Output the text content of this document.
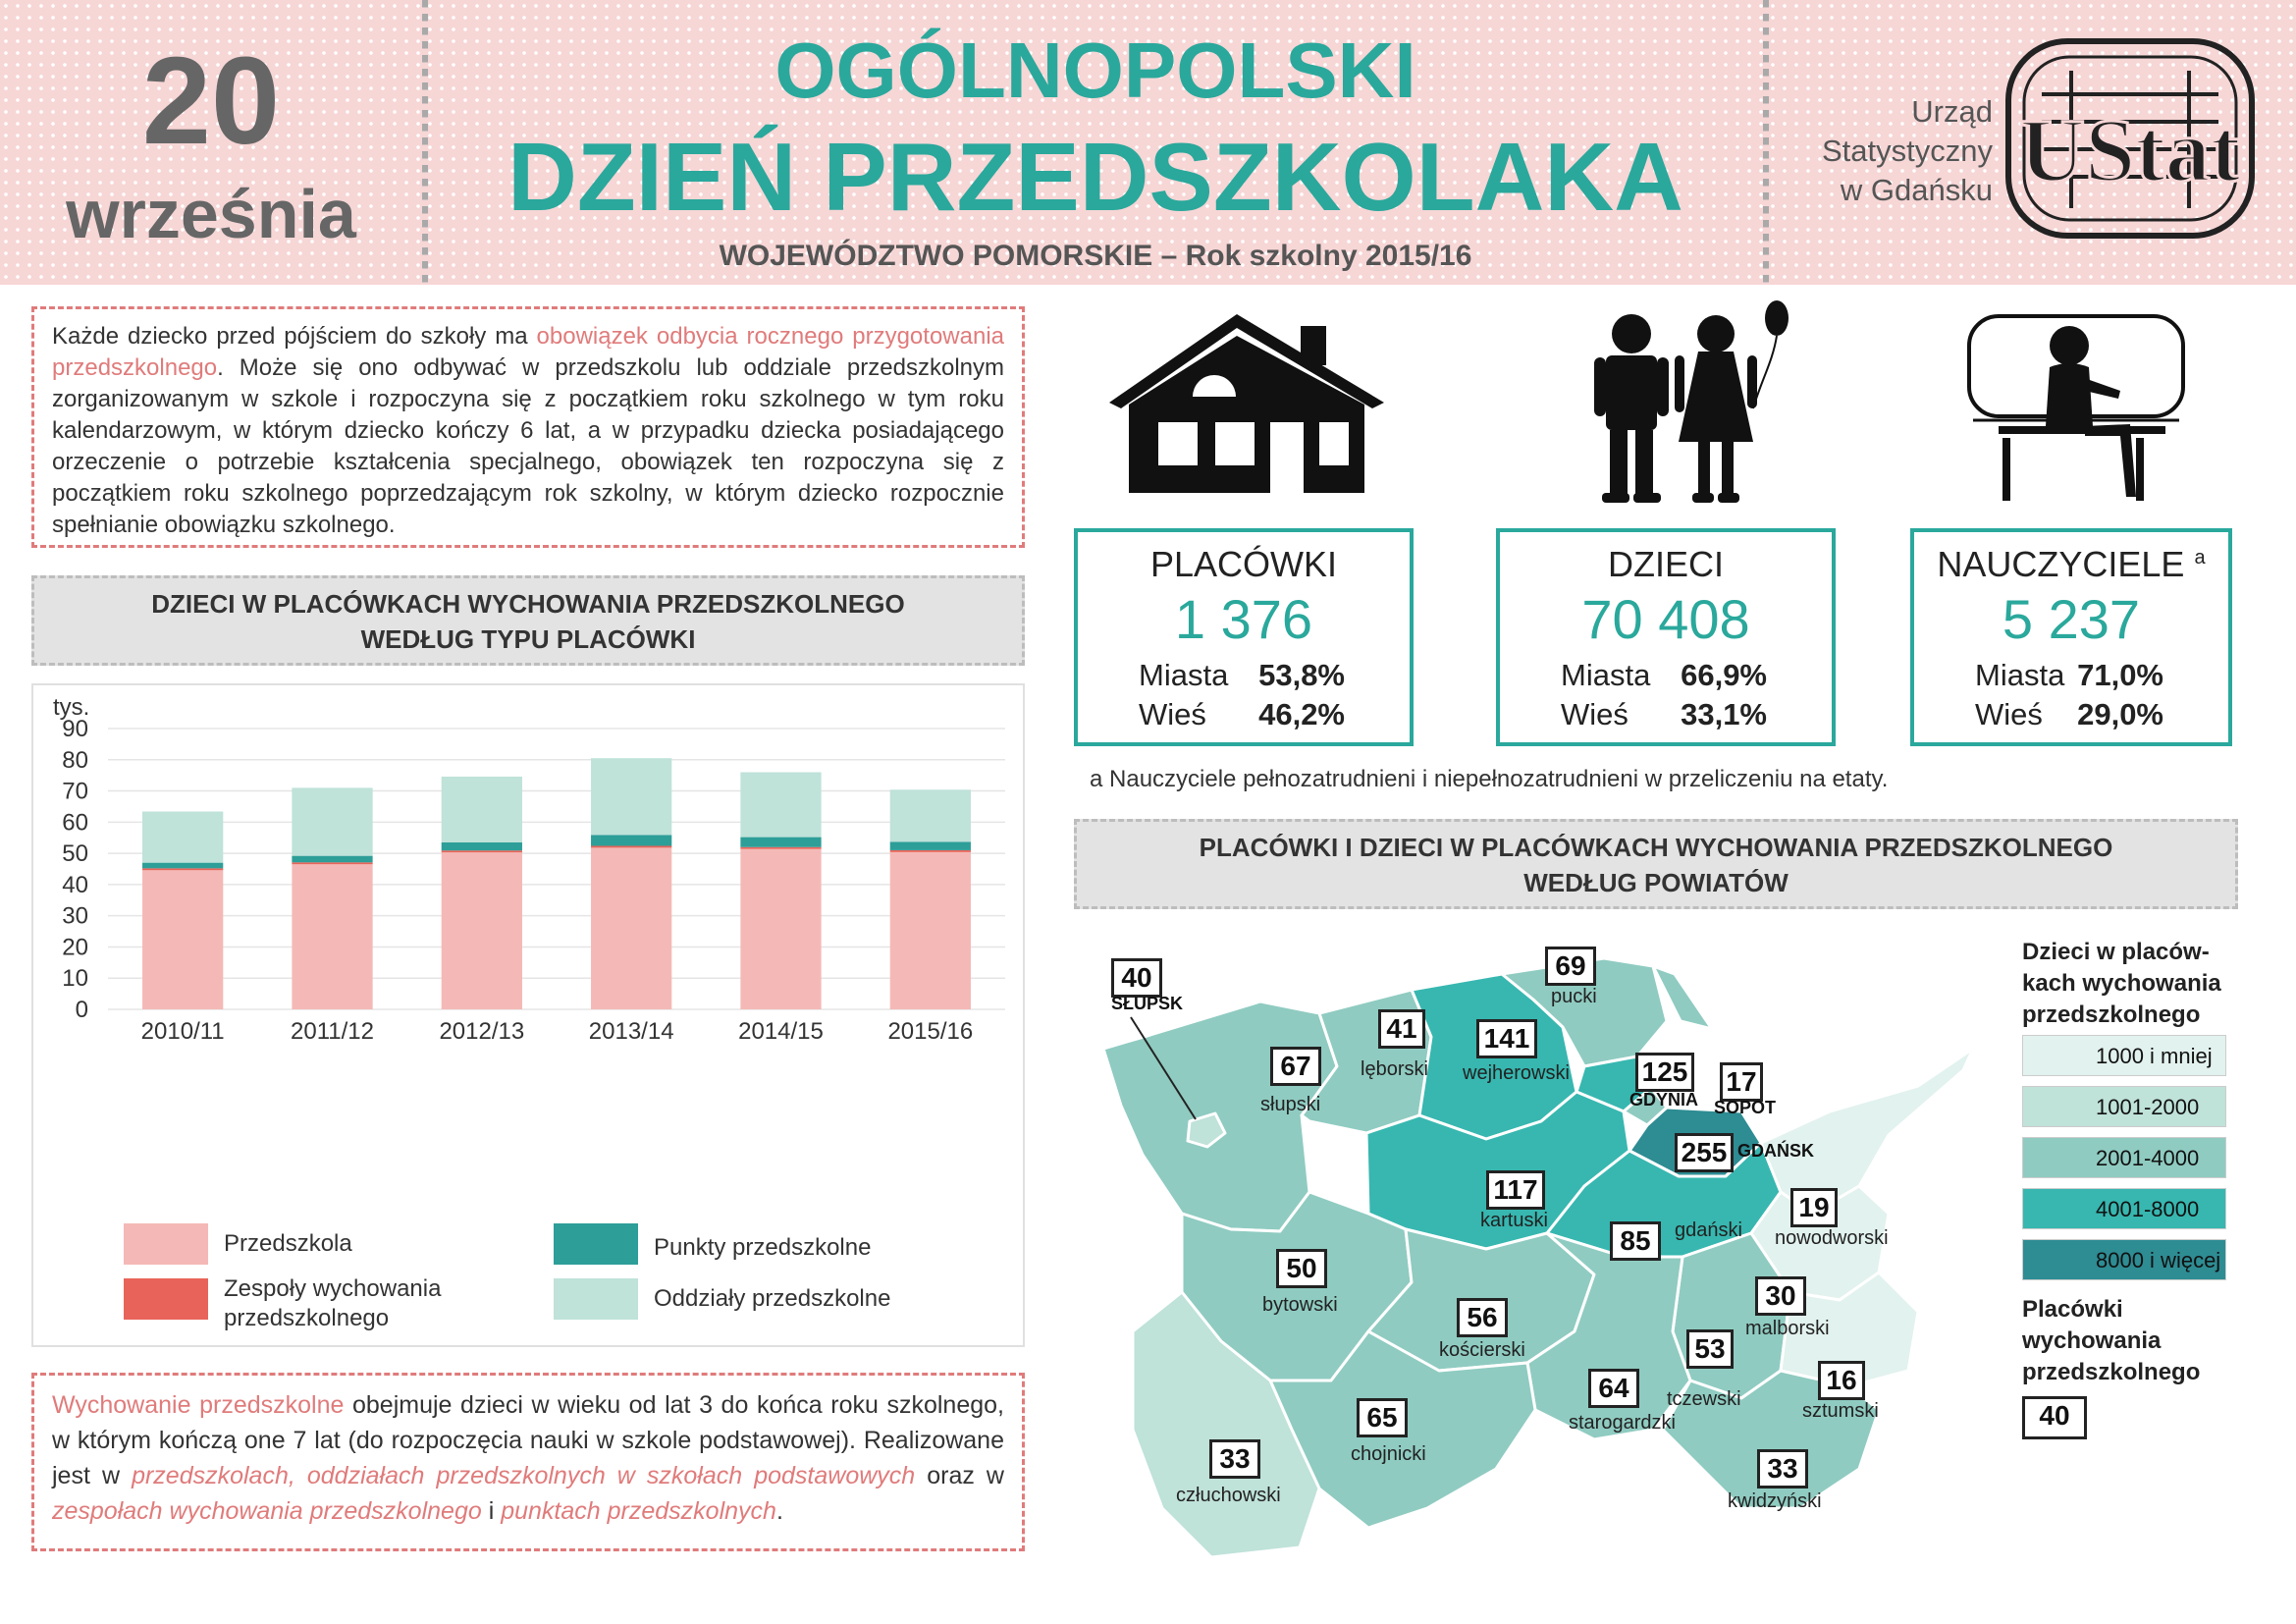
20
września
OGÓLNOPOLSKI
DZIEŃ PRZEDSZKOLAKA
WOJEWÓDZTWO POMORSKIE – Rok szkolny 2015/16
Urząd
Statystyczny
w Gdańsku UStat
Każde dziecko przed pójściem do szkoły ma obowiązek odbycia rocznego przygotowania przedszkolnego. Może się ono odbywać w przedszkolu lub oddziale przedszkolnym zorganizowanym w szkole i rozpoczyna się z początkiem roku szkolnego w tym roku kalendarzowym, w którym dziecko kończy 6 lat, a w przypadku dziecka posiadającego orzeczenie o potrzebie kształcenia specjalnego, obowiązek ten rozpoczyna się z początkiem roku szkolnego poprzedzającym rok szkolny, w którym dziecko rozpocznie spełnianie obowiązku szkolnego.
DZIECI W PLACÓWKACH WYCHOWANIA PRZEDSZKOLNEGO
WEDŁUG TYPU PLACÓWKI
tys.
0
10
20
30
40
50
60
70
80
90
2010/11	2011/12	2012/13	2013/14	2014/15	2015/16
Przedszkola
Zespoły wychowania
przedszkolnego
Punkty przedszkolne
Oddziały przedszkolne
Wychowanie przedszkolne obejmuje dzieci w wieku od lat 3 do końca roku szkolnego, w którym kończą one 7 lat (do rozpoczęcia nauki w szkole podstawowej). Realizowane jest w przedszkolach, oddziałach przedszkolnych w szkołach podstawowych oraz w zespołach wychowania przedszkolnego i punktach przedszkolnych.
PLACÓWKI
1 376
Miasta 53,8%
Wieś 46,2%
DZIECI
70 408
Miasta 66,9%
Wieś 33,1%
NAUCZYCIELE $^a$
5 237
Miasta 71,0%
Wieś 29,0%
a Nauczyciele pełnozatrudnieni i niepełnozatrudnieni w przeliczeniu na etaty.
PLACÓWKI I DZIECI W PLACÓWKACH WYCHOWANIA PRZEDSZKOLNEGO
WEDŁUG POWIATÓW
40
SŁUPSK
67
słupski
41
lęborski
141
wejherowski
69
pucki
125
GDYNIA
17
SOPOT
255 GDAŃSK
117
kartuski
85	gdański
19
nowodworski
50
bytowski	56
kościerski
30
malborski
53
tczewski
16
sztumski
64
starogardzki
65
chojnicki
33
człuchowski
33
kwidzyński
Dzieci w placów-
kach wychowania
przedszkolnego
1000 i mniej
1001-2000
2001-4000
4001-8000
8000 i więcej
Placówki
wychowania
przedszkolnego
40
